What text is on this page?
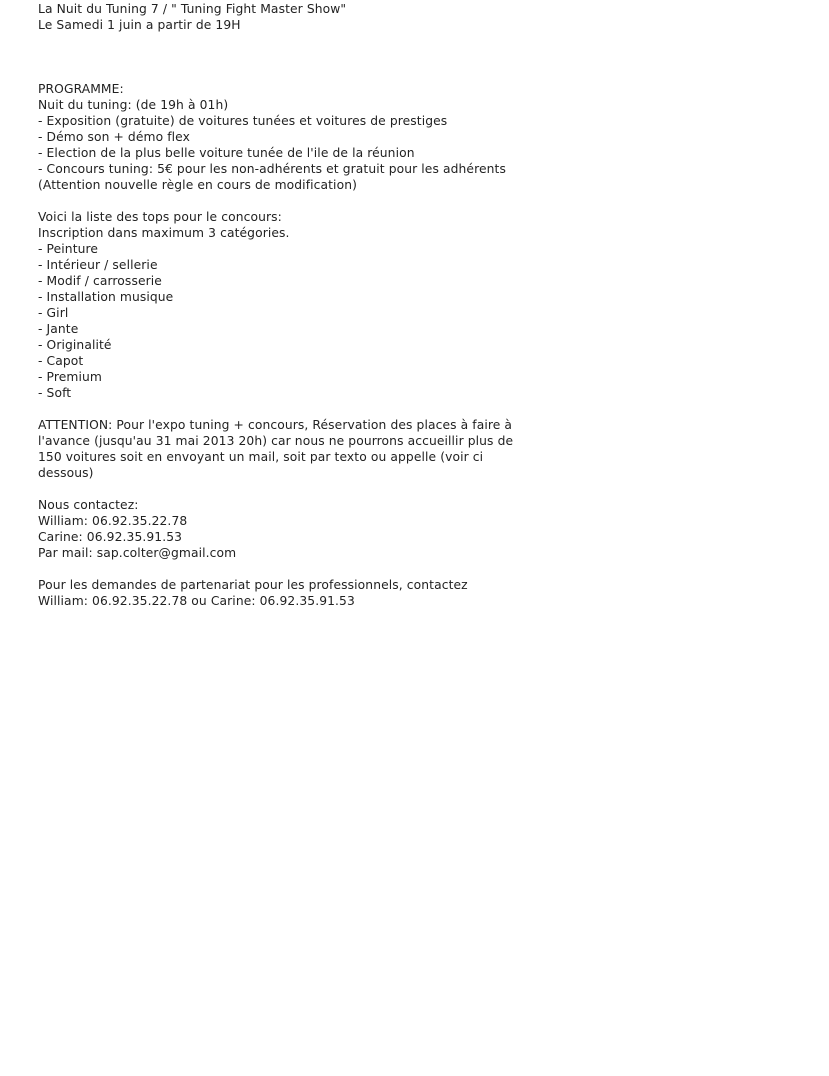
La Nuit du Tuning 7 / " Tuning Fight Master Show"
Le Samedi 1 juin a partir de 19H
PROGRAMME:
Nuit du tuning: (de 19h à 01h)
- Exposition (gratuite) de voitures tunées et voitures de prestiges
- Démo son + démo flex
- Election de la plus belle voiture tunée de l'ile de la réunion
- Concours tuning: 5€ pour les non-adhérents et gratuit pour les adhérents
(Attention nouvelle règle en cours de modification)
Voici la liste des tops pour le concours:
Inscription dans maximum 3 catégories.
- Peinture
- Intérieur / sellerie
- Modif / carrosserie
- Installation musique
- Girl
- Jante
- Originalité
- Capot
- Premium
- Soft
ATTENTION: Pour l'expo tuning + concours, Réservation des places à faire à
l'avance (jusqu'au 31 mai 2013 20h) car nous ne pourrons accueillir plus de
150 voitures soit en envoyant un mail, soit par texto ou appelle (voir ci
dessous)
Nous contactez:
William: 06.92.35.22.78
Carine: 06.92.35.91.53
Par mail: sap.colter@gmail.com
Pour les demandes de partenariat pour les professionnels, contactez
William: 06.92.35.22.78 ou Carine: 06.92.35.91.53
